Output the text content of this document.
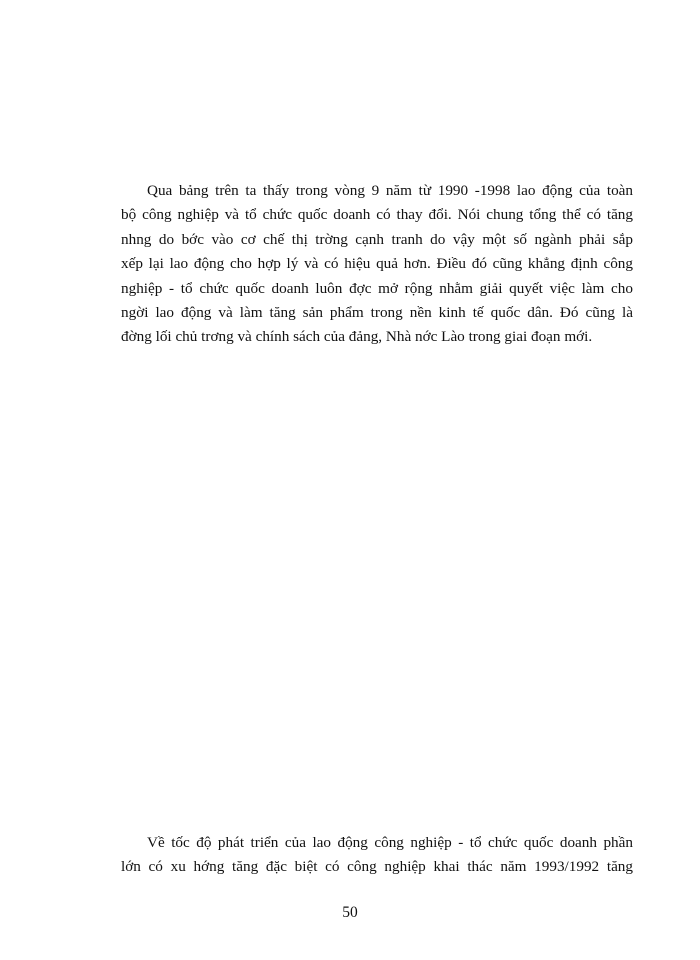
Qua bảng trên ta thấy trong vòng 9 năm từ 1990 -1998 lao động của toàn
bộ công nghiệp và tổ chức quốc doanh có thay đổi. Nói chung tổng thể có tăng
nhng do bớc vào cơ chế thị trờng cạnh tranh do vậy một số ngành phải sắp
xếp lại lao động cho hợp lý và có hiệu quả hơn. Điều đó cũng khẳng định công
nghiệp - tổ chức quốc doanh luôn đợc mở rộng nhằm giải quyết việc làm cho
ngời lao động và làm tăng sản phẩm trong nền kinh tế quốc dân. Đó cũng là
đờng lối chủ trơng và chính sách của đảng, Nhà nớc Lào trong giai đoạn mới.
Về tốc độ phát triển của lao động công nghiệp - tổ chức quốc doanh phần
lớn có xu hớng tăng đặc biệt có công nghiệp khai thác năm 1993/1992 tăng
50
